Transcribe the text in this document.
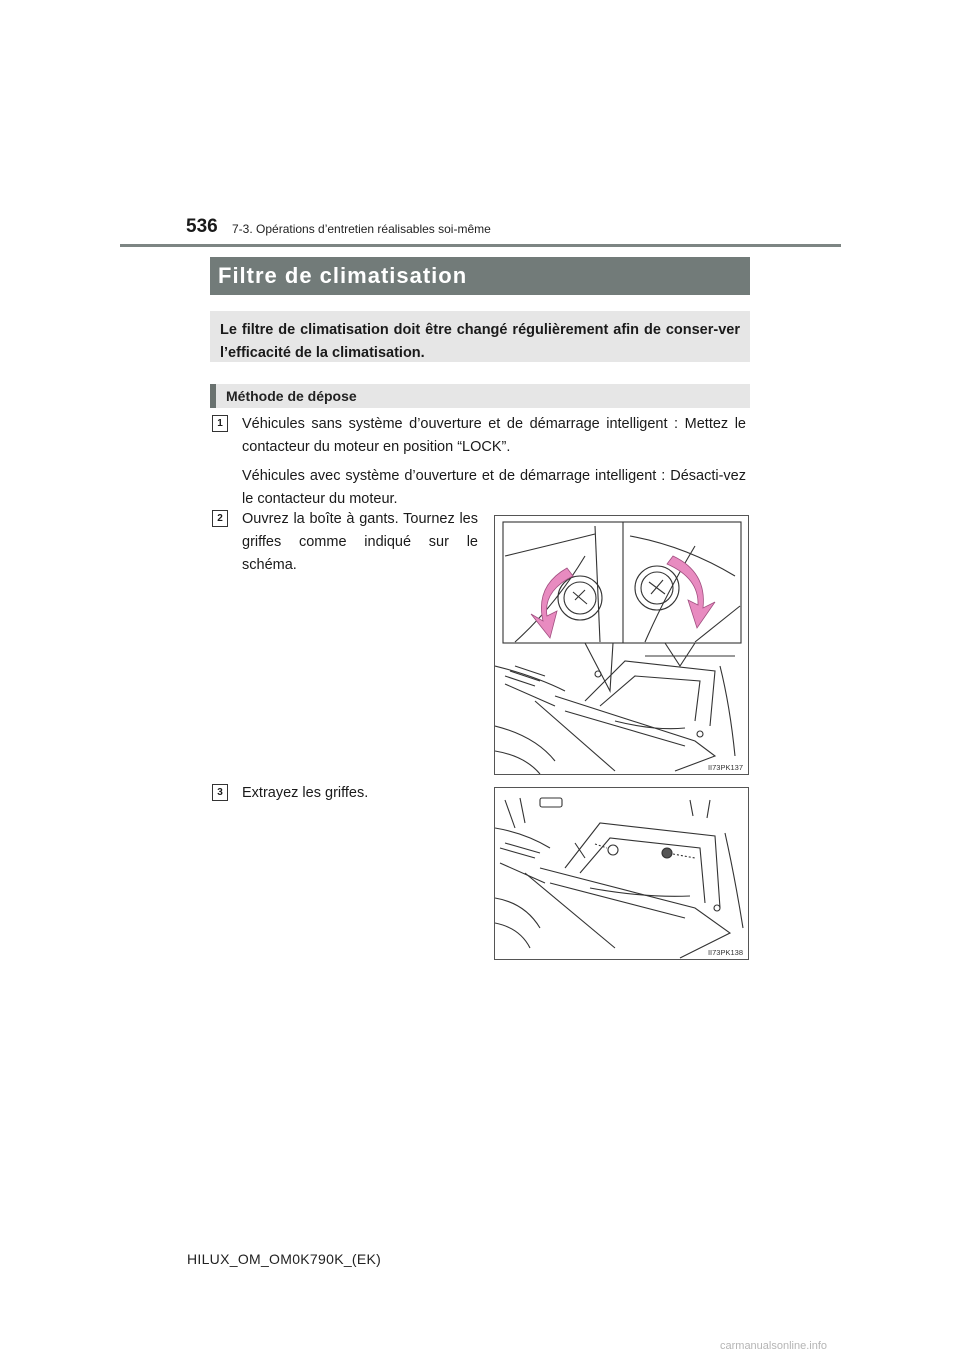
536 7-3. Opérations d’entretien réalisables soi-même
Filtre de climatisation
Le filtre de climatisation doit être changé régulièrement afin de conser-ver l’efficacité de la climatisation.
Méthode de dépose
1	Véhicules sans système d’ouverture et de démarrage intelligent : Mettez le contacteur du moteur en position “LOCK”.
Véhicules avec système d’ouverture et de démarrage intelligent : Désacti-vez le contacteur du moteur.
2	Ouvrez la boîte à gants. Tournez les griffes comme indiqué sur le schéma.
II73PK137
3	Extrayez les griffes.
II73PK138
HILUX_OM_OM0K790K_(EK)
carmanualsonline.info
